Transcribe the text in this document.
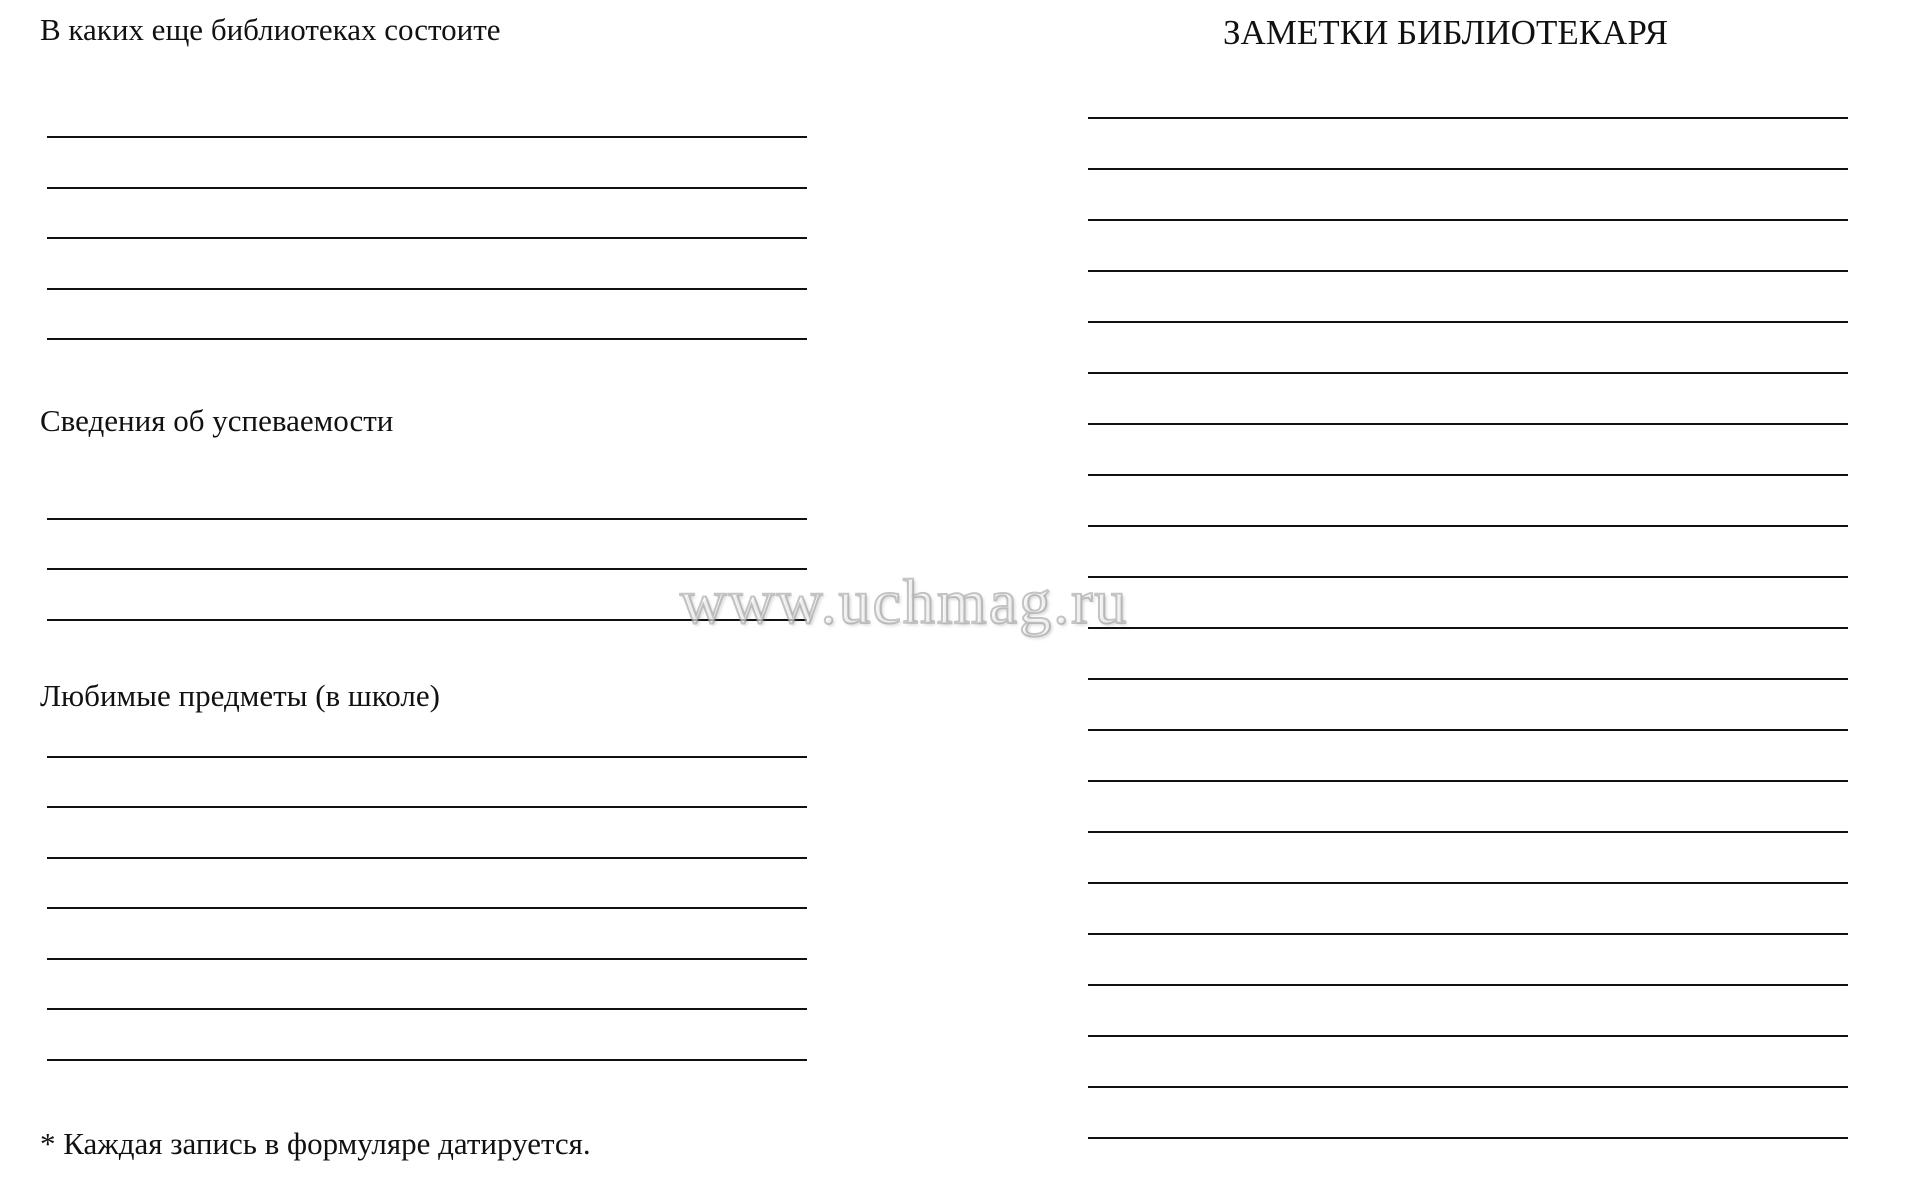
В каких еще библиотеках состоите
Сведения об успеваемости
Любимые предметы (в школе)
* Каждая запись в формуляре датируется.
ЗАМЕТКИ БИБЛИОТЕКАРЯ
www.uchmag.ru
